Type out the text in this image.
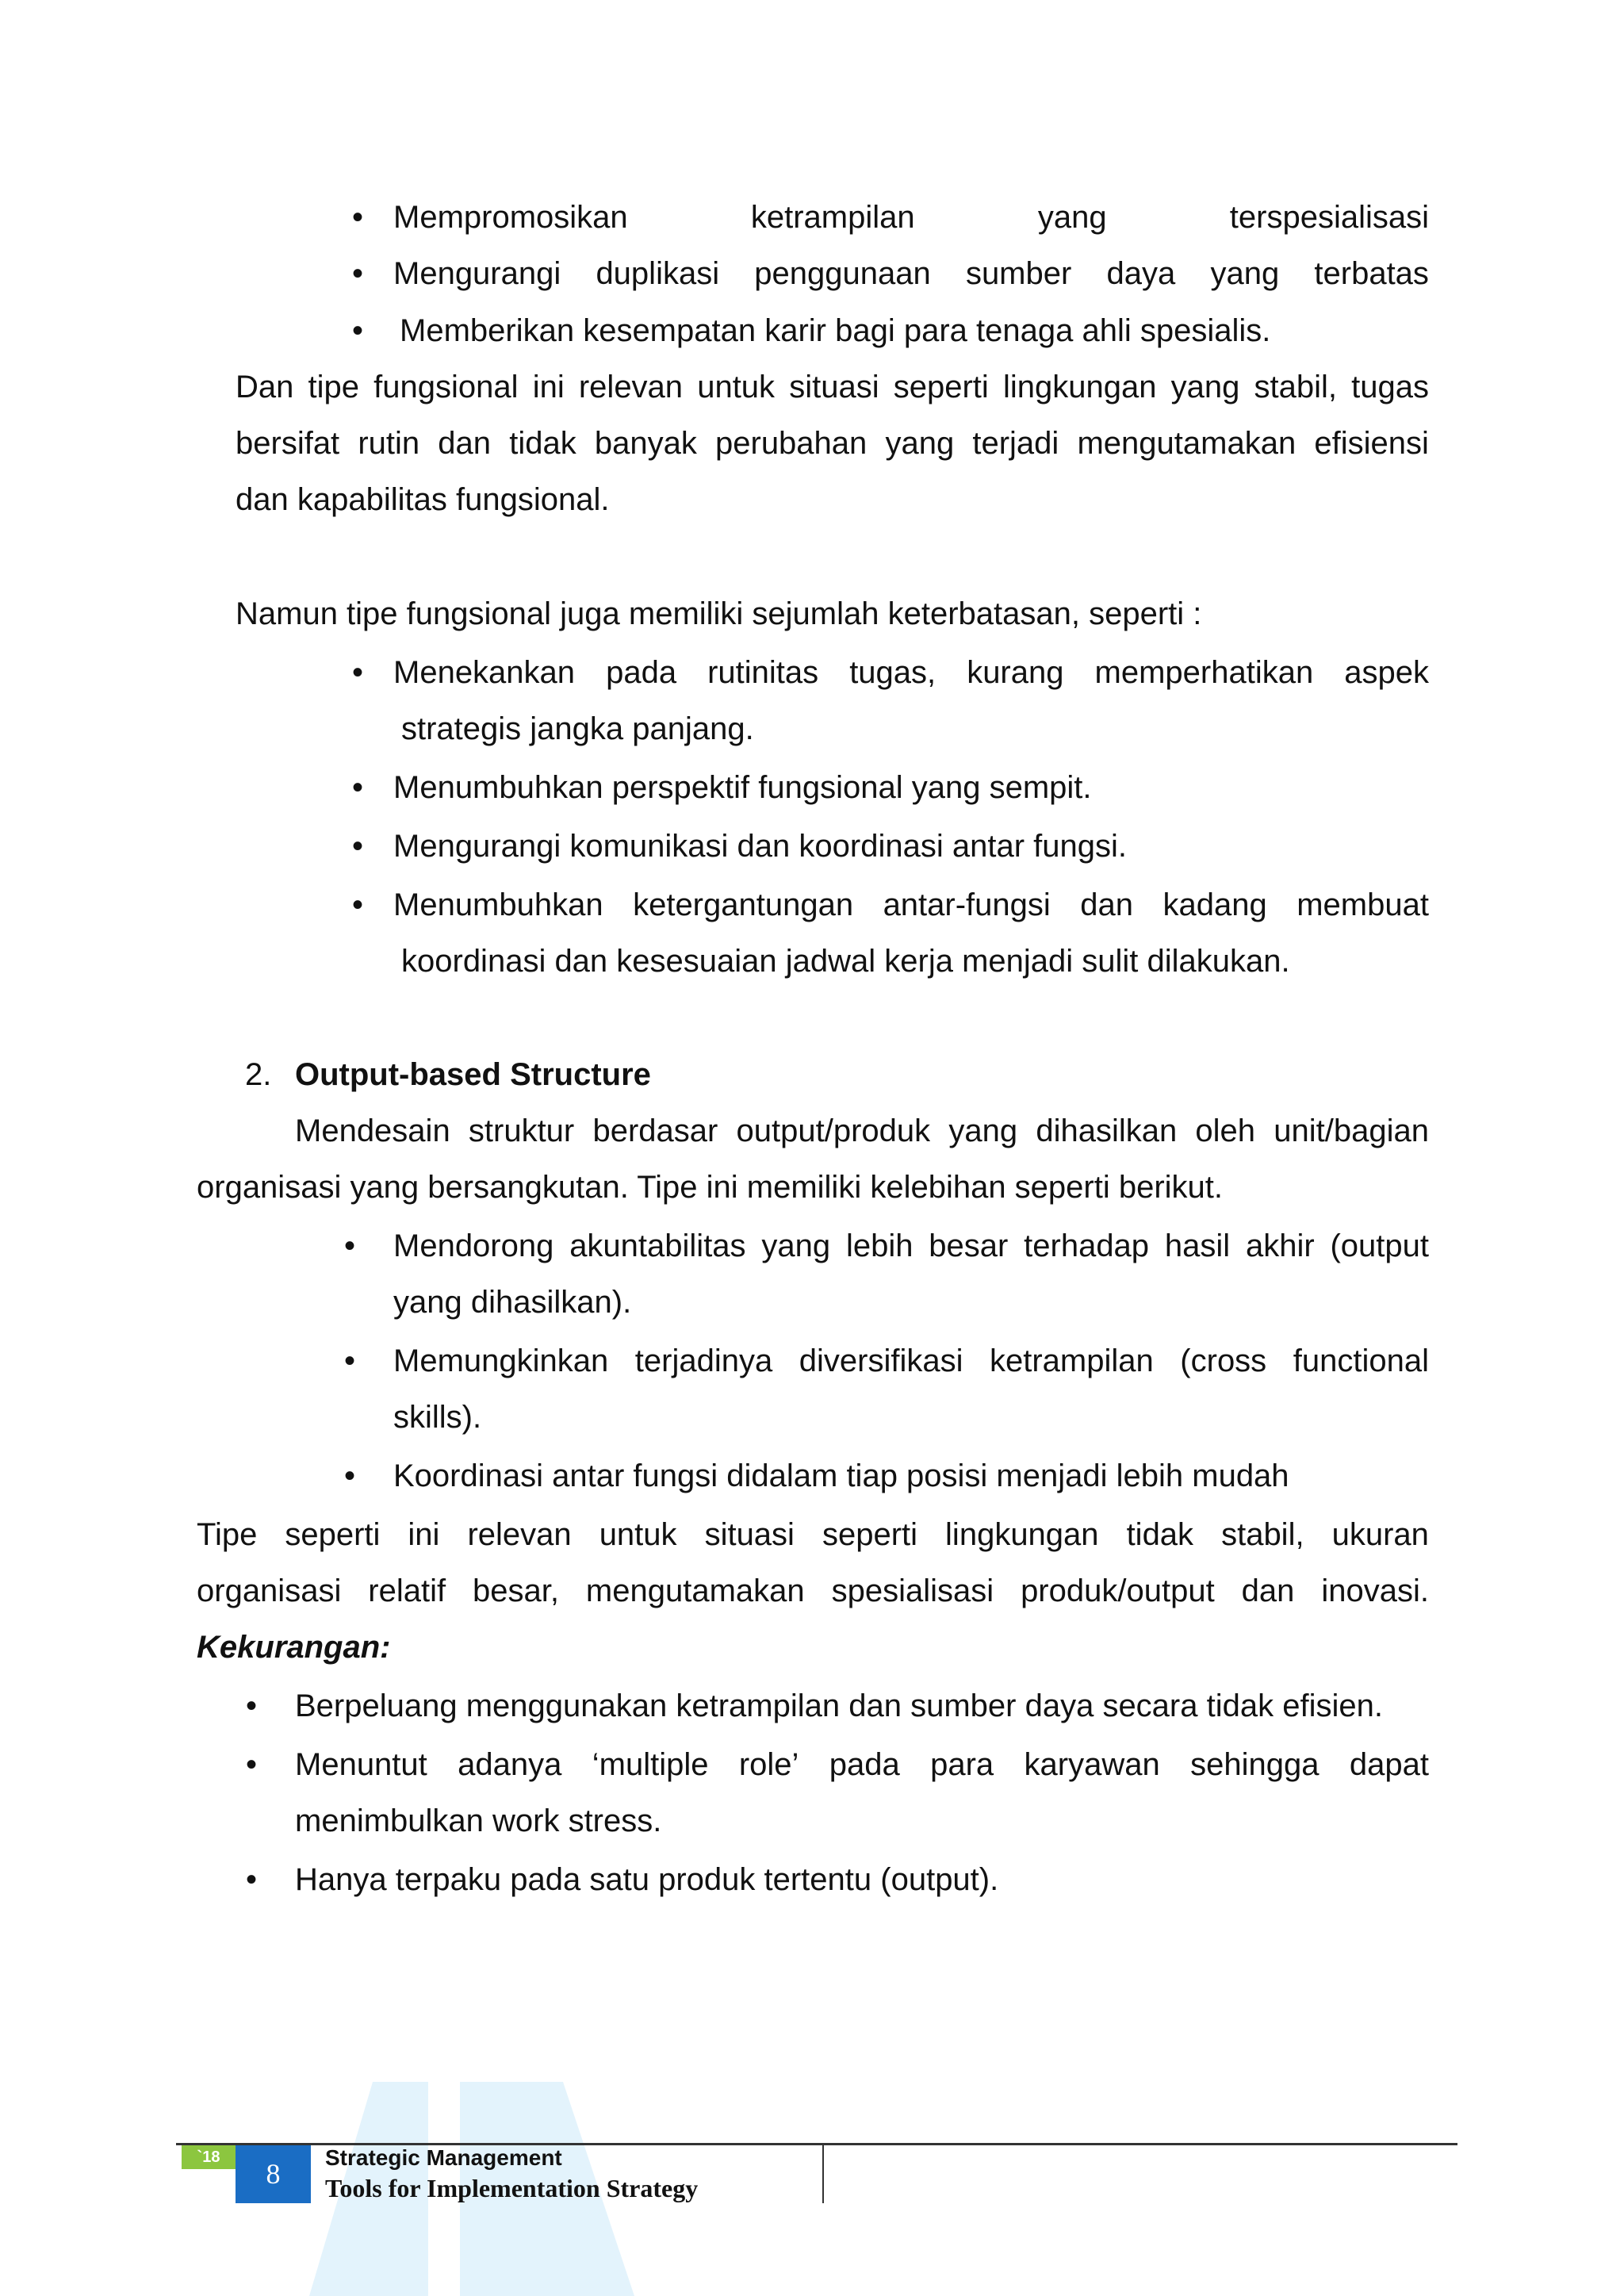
• Mempromosikan	ketrampilan	yang	terspesialisasi
• Mengurangi duplikasi penggunaan sumber daya yang terbatas
• Memberikan kesempatan karir bagi para tenaga ahli spesialis.
Dan tipe fungsional ini relevan untuk situasi seperti lingkungan yang stabil, tugas
bersifat rutin dan tidak banyak perubahan yang terjadi mengutamakan efisiensi
dan kapabilitas fungsional.
Namun tipe fungsional juga memiliki sejumlah keterbatasan, seperti :
• Menekankan pada rutinitas tugas, kurang memperhatikan aspek
strategis jangka panjang.
• Menumbuhkan perspektif fungsional yang sempit.
• Mengurangi komunikasi dan koordinasi antar fungsi.
• Menumbuhkan ketergantungan antar-fungsi dan kadang membuat
koordinasi dan kesesuaian jadwal kerja menjadi sulit dilakukan.
2. Output-based Structure
Mendesain struktur berdasar output/produk yang dihasilkan oleh unit/bagian
organisasi yang bersangkutan. Tipe ini memiliki kelebihan seperti berikut.
• Mendorong akuntabilitas yang lebih besar terhadap hasil akhir (output
yang dihasilkan).
• Memungkinkan terjadinya diversifikasi ketrampilan (cross functional
skills).
• Koordinasi antar fungsi didalam tiap posisi menjadi lebih mudah
Tipe seperti ini relevan untuk situasi seperti lingkungan tidak stabil, ukuran
organisasi relatif besar, mengutamakan spesialisasi produk/output dan inovasi.
Kekurangan:
• Berpeluang menggunakan ketrampilan dan sumber daya secara tidak efisien.
• Menuntut adanya ‘multiple role’ pada para karyawan sehingga dapat
menimbulkan work stress.
• Hanya terpaku pada satu produk tertentu (output).
`18
8
Strategic Management
Tools for Implementation Strategy
